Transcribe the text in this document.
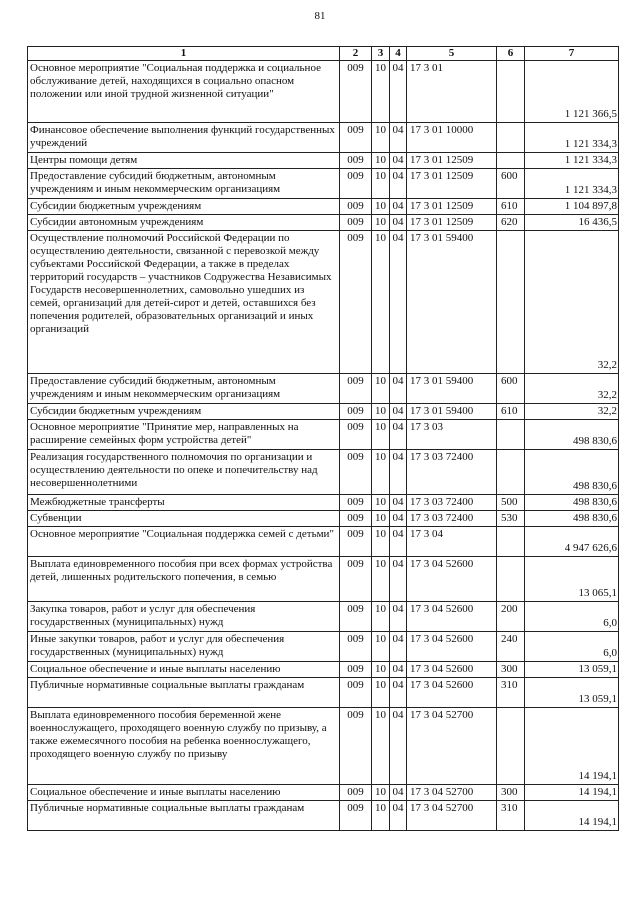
81
1	2	3	4	5	6	7
Основное мероприятие "Социальная поддержка и социальное обслуживание детей, находящихся в социально опасном положении или иной трудной жизненной ситуации"	009	10	04	17 3 01		1 121 366,5
Финансовое обеспечение выполнения функций государственных учреждений	009	10	04	17 3 01 10000		1 121 334,3
Центры помощи детям	009	10	04	17 3 01 12509		1 121 334,3
Предоставление субсидий бюджетным, автономным учреждениям и иным некоммерческим организациям	009	10	04	17 3 01 12509	600	1 121 334,3
Субсидии бюджетным учреждениям	009	10	04	17 3 01 12509	610	1 104 897,8
Субсидии автономным учреждениям	009	10	04	17 3 01 12509	620	16 436,5
Осуществление полномочий Российской Федерации по осуществлению деятельности, связанной с перевозкой между субъектами Российской Федерации, а также в пределах территорий государств – участников Содружества Независимых Государств несовершеннолетних, самовольно ушедших из семей, организаций для детей-сирот и детей, оставшихся без попечения родителей, образовательных организаций и иных организаций	009	10	04	17 3 01 59400		32,2
Предоставление субсидий бюджетным, автономным учреждениям и иным некоммерческим организациям	009	10	04	17 3 01 59400	600	32,2
Субсидии бюджетным учреждениям	009	10	04	17 3 01 59400	610	32,2
Основное мероприятие "Принятие мер, направленных на расширение семейных форм устройства детей"	009	10	04	17 3 03		498 830,6
Реализация государственного полномочия по организации и осуществлению деятельности по опеке и попечительству над несовершеннолетними	009	10	04	17 3 03 72400		498 830,6
Межбюджетные трансферты	009	10	04	17 3 03 72400	500	498 830,6
Субвенции	009	10	04	17 3 03 72400	530	498 830,6
Основное мероприятие "Социальная поддержка семей с детьми"	009	10	04	17 3 04		4 947 626,6
Выплата единовременного пособия при всех формах устройства детей, лишенных родительского попечения, в семью	009	10	04	17 3 04 52600		13 065,1
Закупка товаров, работ и услуг для обеспечения государственных (муниципальных) нужд	009	10	04	17 3 04 52600	200	6,0
Иные закупки товаров, работ и услуг для обеспечения государственных (муниципальных) нужд	009	10	04	17 3 04 52600	240	6,0
Социальное обеспечение и иные выплаты населению	009	10	04	17 3 04 52600	300	13 059,1
Публичные нормативные социальные выплаты гражданам	009	10	04	17 3 04 52600	310	13 059,1
Выплата единовременного пособия беременной жене военнослужащего, проходящего военную службу по призыву, а также ежемесячного пособия на ребенка военнослужащего, проходящего военную службу по призыву	009	10	04	17 3 04 52700		14 194,1
Социальное обеспечение и иные выплаты населению	009	10	04	17 3 04 52700	300	14 194,1
Публичные нормативные социальные выплаты гражданам	009	10	04	17 3 04 52700	310	14 194,1
